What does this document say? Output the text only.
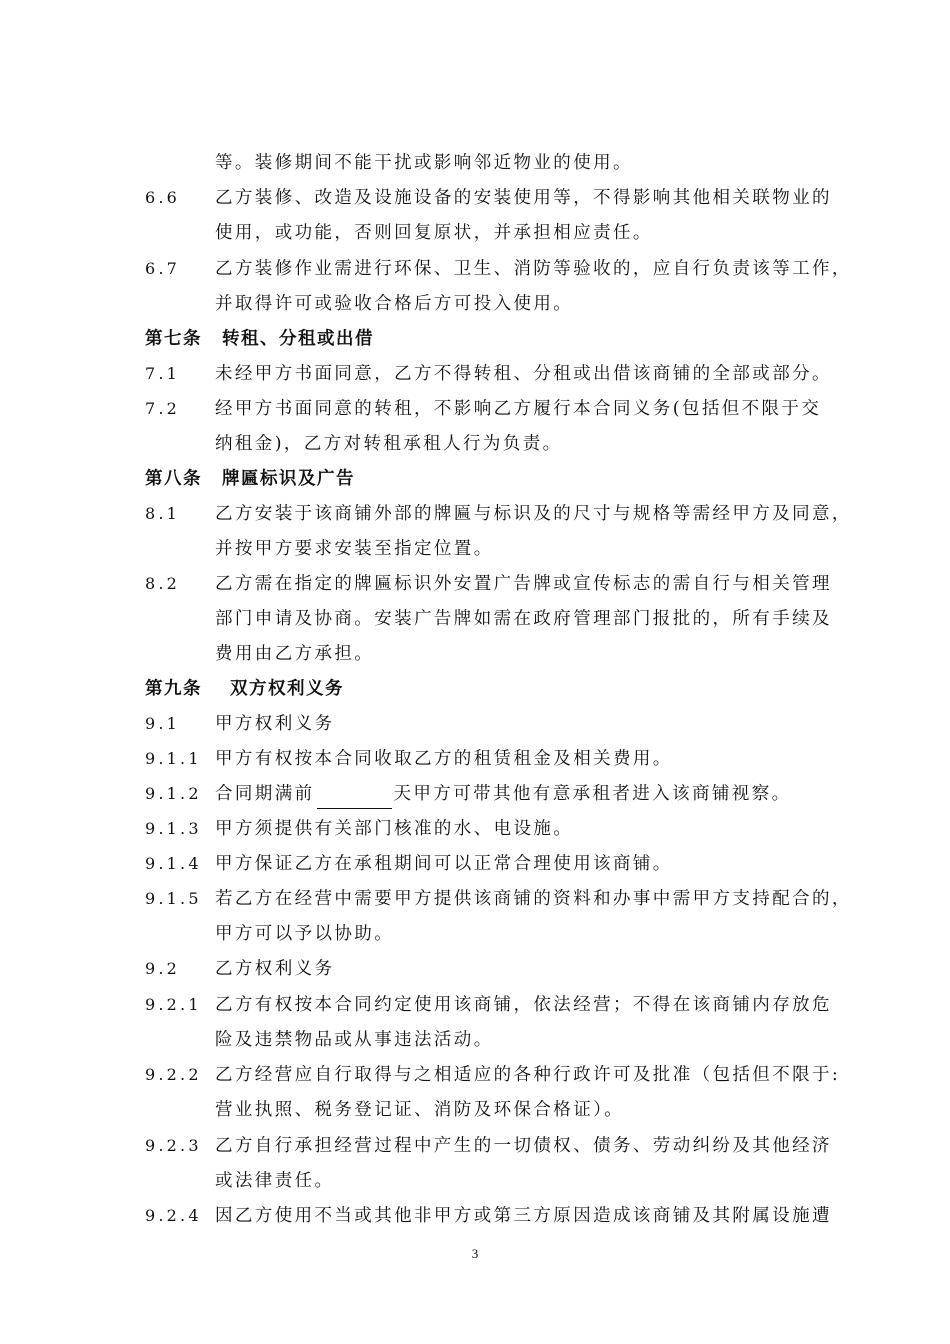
等。装修期间不能干扰或影响邻近物业的使用。
6.6 乙方装修、改造及设施设备的安装使用等，不得影响其他相关联物业的
使用，或功能，否则回复原状，并承担相应责任。
6.7 乙方装修作业需进行环保、卫生、消防等验收的，应自行负责该等工作，
并取得许可或验收合格后方可投入使用。
第七条 转租、分租或出借
7.1 未经甲方书面同意，乙方不得转租、分租或出借该商铺的全部或部分。
7.2 经甲方书面同意的转租，不影响乙方履行本合同义务(包括但不限于交
纳租金)，乙方对转租承租人行为负责。
第八条 牌匾标识及广告
8.1 乙方安装于该商铺外部的牌匾与标识及的尺寸与规格等需经甲方及同意，
并按甲方要求安装至指定位置。
8.2 乙方需在指定的牌匾标识外安置广告牌或宣传标志的需自行与相关管理
部门申请及协商。安装广告牌如需在政府管理部门报批的，所有手续及
费用由乙方承担。
第九条 双方权利义务
9.1 甲方权利义务
9.1.1 甲方有权按本合同收取乙方的租赁租金及相关费用。
9.1.2 合同期满前	天甲方可带其他有意承租者进入该商铺视察。
9.1.3 甲方须提供有关部门核准的水、电设施。
9.1.4 甲方保证乙方在承租期间可以正常合理使用该商铺。
9.1.5 若乙方在经营中需要甲方提供该商铺的资料和办事中需甲方支持配合的，
甲方可以予以协助。
9.2 乙方权利义务
9.2.1 乙方有权按本合同约定使用该商铺，依法经营；不得在该商铺内存放危
险及违禁物品或从事违法活动。
9.2.2 乙方经营应自行取得与之相适应的各种行政许可及批准（包括但不限于:
营业执照、税务登记证、消防及环保合格证）。
9.2.3 乙方自行承担经营过程中产生的一切债权、债务、劳动纠纷及其他经济
或法律责任。
9.2.4 因乙方使用不当或其他非甲方或第三方原因造成该商铺及其附属设施遭
3
